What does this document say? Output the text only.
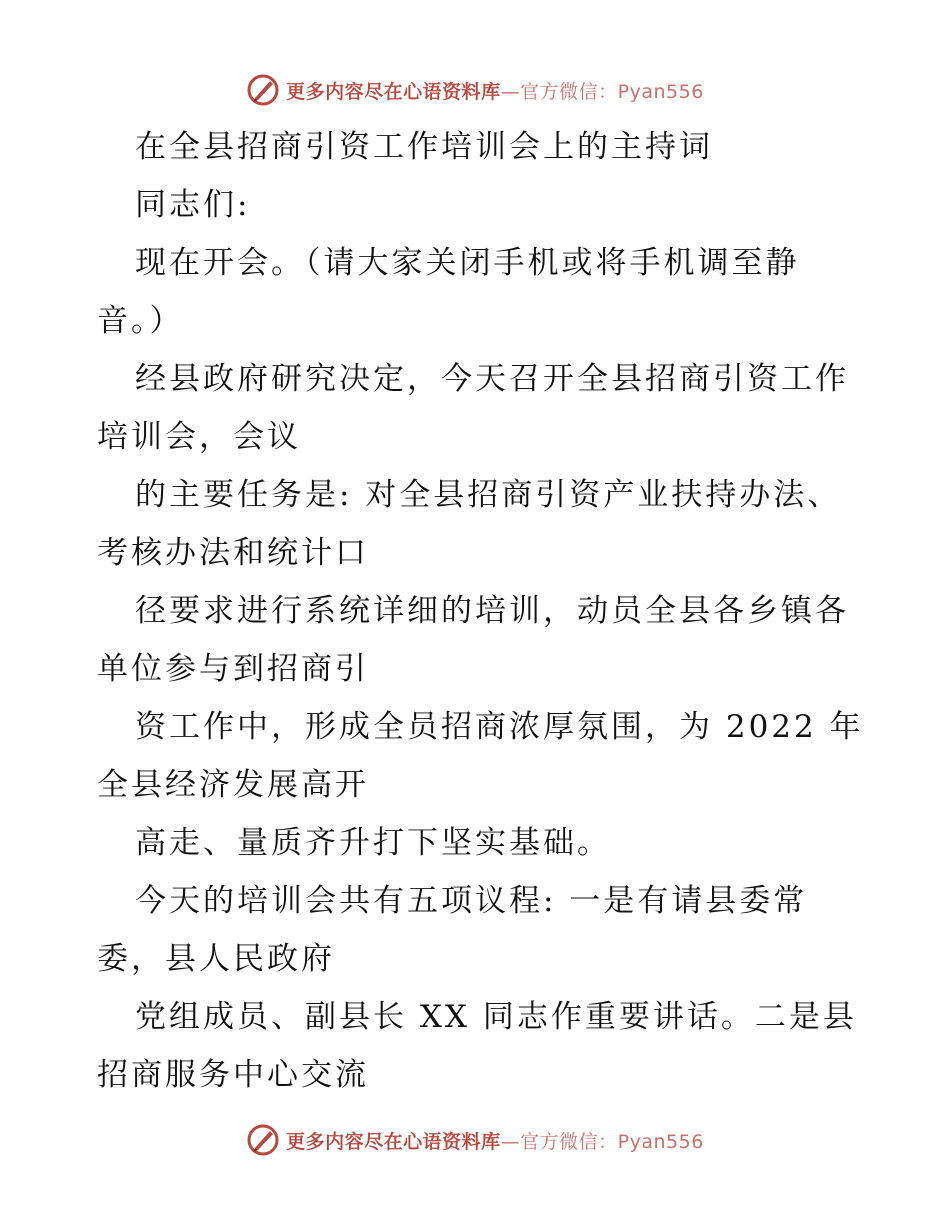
更多内容尽在心语资料库—官方微信：Pyan556
在全县招商引资工作培训会上的主持词
同志们:
现在开会。（请大家关闭手机或将手机调至静
音。）
经县政府研究决定，今天召开全县招商引资工作
培训会，会议
的主要任务是: 对全县招商引资产业扶持办法、
考核办法和统计口
径要求进行系统详细的培训，动员全县各乡镇各
单位参与到招商引
资工作中，形成全员招商浓厚氛围，为 2022 年
全县经济发展高开
高走、量质齐升打下坚实基础。
今天的培训会共有五项议程: 一是有请县委常
委，县人民政府
党组成员、副县长 XX 同志作重要讲话。二是县
招商服务中心交流
更多内容尽在心语资料库—官方微信：Pyan556
